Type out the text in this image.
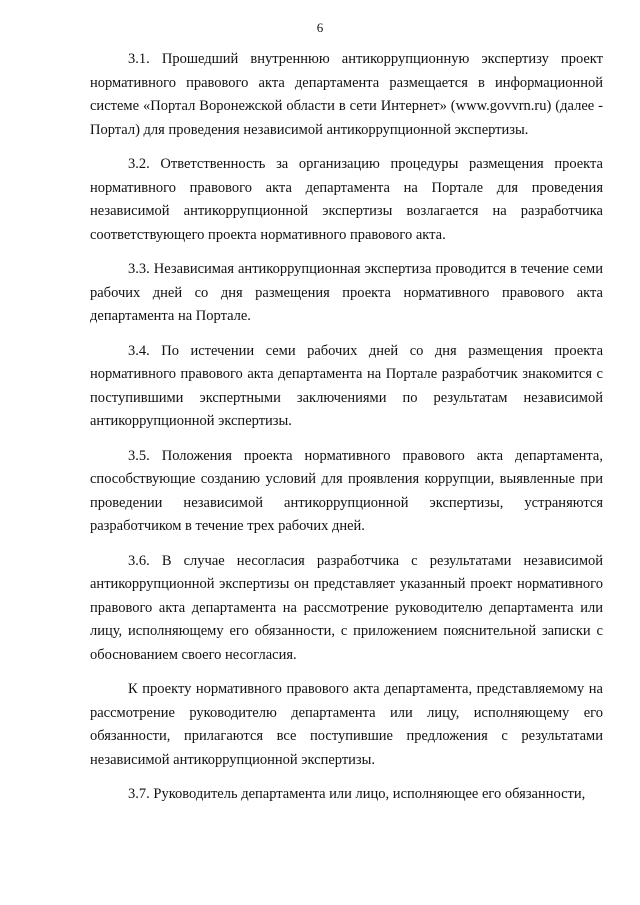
6

3.1. Прошедший внутреннюю антикоррупционную экспертизу проект нормативного правового акта департамента размещается в информационной системе «Портал Воронежской области в сети Интернет» (www.govvrn.ru) (далее - Портал) для проведения независимой антикоррупционной экспертизы.

3.2. Ответственность за организацию процедуры размещения проекта нормативного правового акта департамента на Портале для проведения независимой антикоррупционной экспертизы возлагается на разработчика соответствующего проекта нормативного правового акта.

3.3. Независимая антикоррупционная экспертиза проводится в течение семи рабочих дней со дня размещения проекта нормативного правового акта департамента на Портале.

3.4. По истечении семи рабочих дней со дня размещения проекта нормативного правового акта департамента на Портале разработчик знакомится с поступившими экспертными заключениями по результатам независимой антикоррупционной экспертизы.

3.5. Положения проекта нормативного правового акта департамента, способствующие созданию условий для проявления коррупции, выявленные при проведении независимой антикоррупционной экспертизы, устраняются разработчиком в течение трех рабочих дней.

3.6. В случае несогласия разработчика с результатами независимой антикоррупционной экспертизы он представляет указанный проект нормативного правового акта департамента на рассмотрение руководителю департамента или лицу, исполняющему его обязанности, с приложением пояснительной записки с обоснованием своего несогласия.

К проекту нормативного правового акта департамента, представляемому на рассмотрение руководителю департамента или лицу, исполняющему его обязанности, прилагаются все поступившие предложения с результатами независимой антикоррупционной экспертизы.

3.7. Руководитель департамента или лицо, исполняющее его обязанности,
